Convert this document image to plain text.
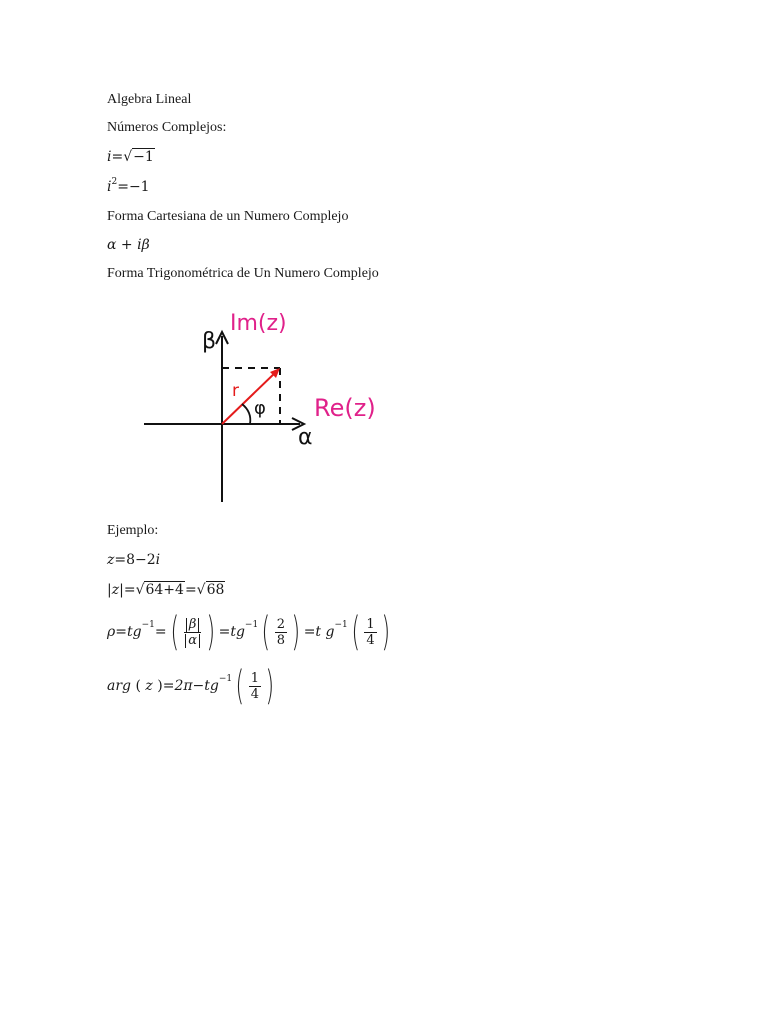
Algebra Lineal
Números Complejos:
i=√−1
$i^2=-1$
Forma Cartesiana de un Numero Complejo
α + iβ
Forma Trigonométrica de Un Numero Complejo
β
Im(z)
Re(z)
α
r
φ
Ejemplo:
z=8−2i
|z|=√64+4=√68
ρ = tg −1 = ( $\frac{\beta}{\alpha}$ ) = tg −1 ( $\frac{2}{8}$ ) = t g −1 ( $\frac{1}{4}$ )
arg ( z ) = 2π − tg −1 ( $\frac{1}{4}$ )
